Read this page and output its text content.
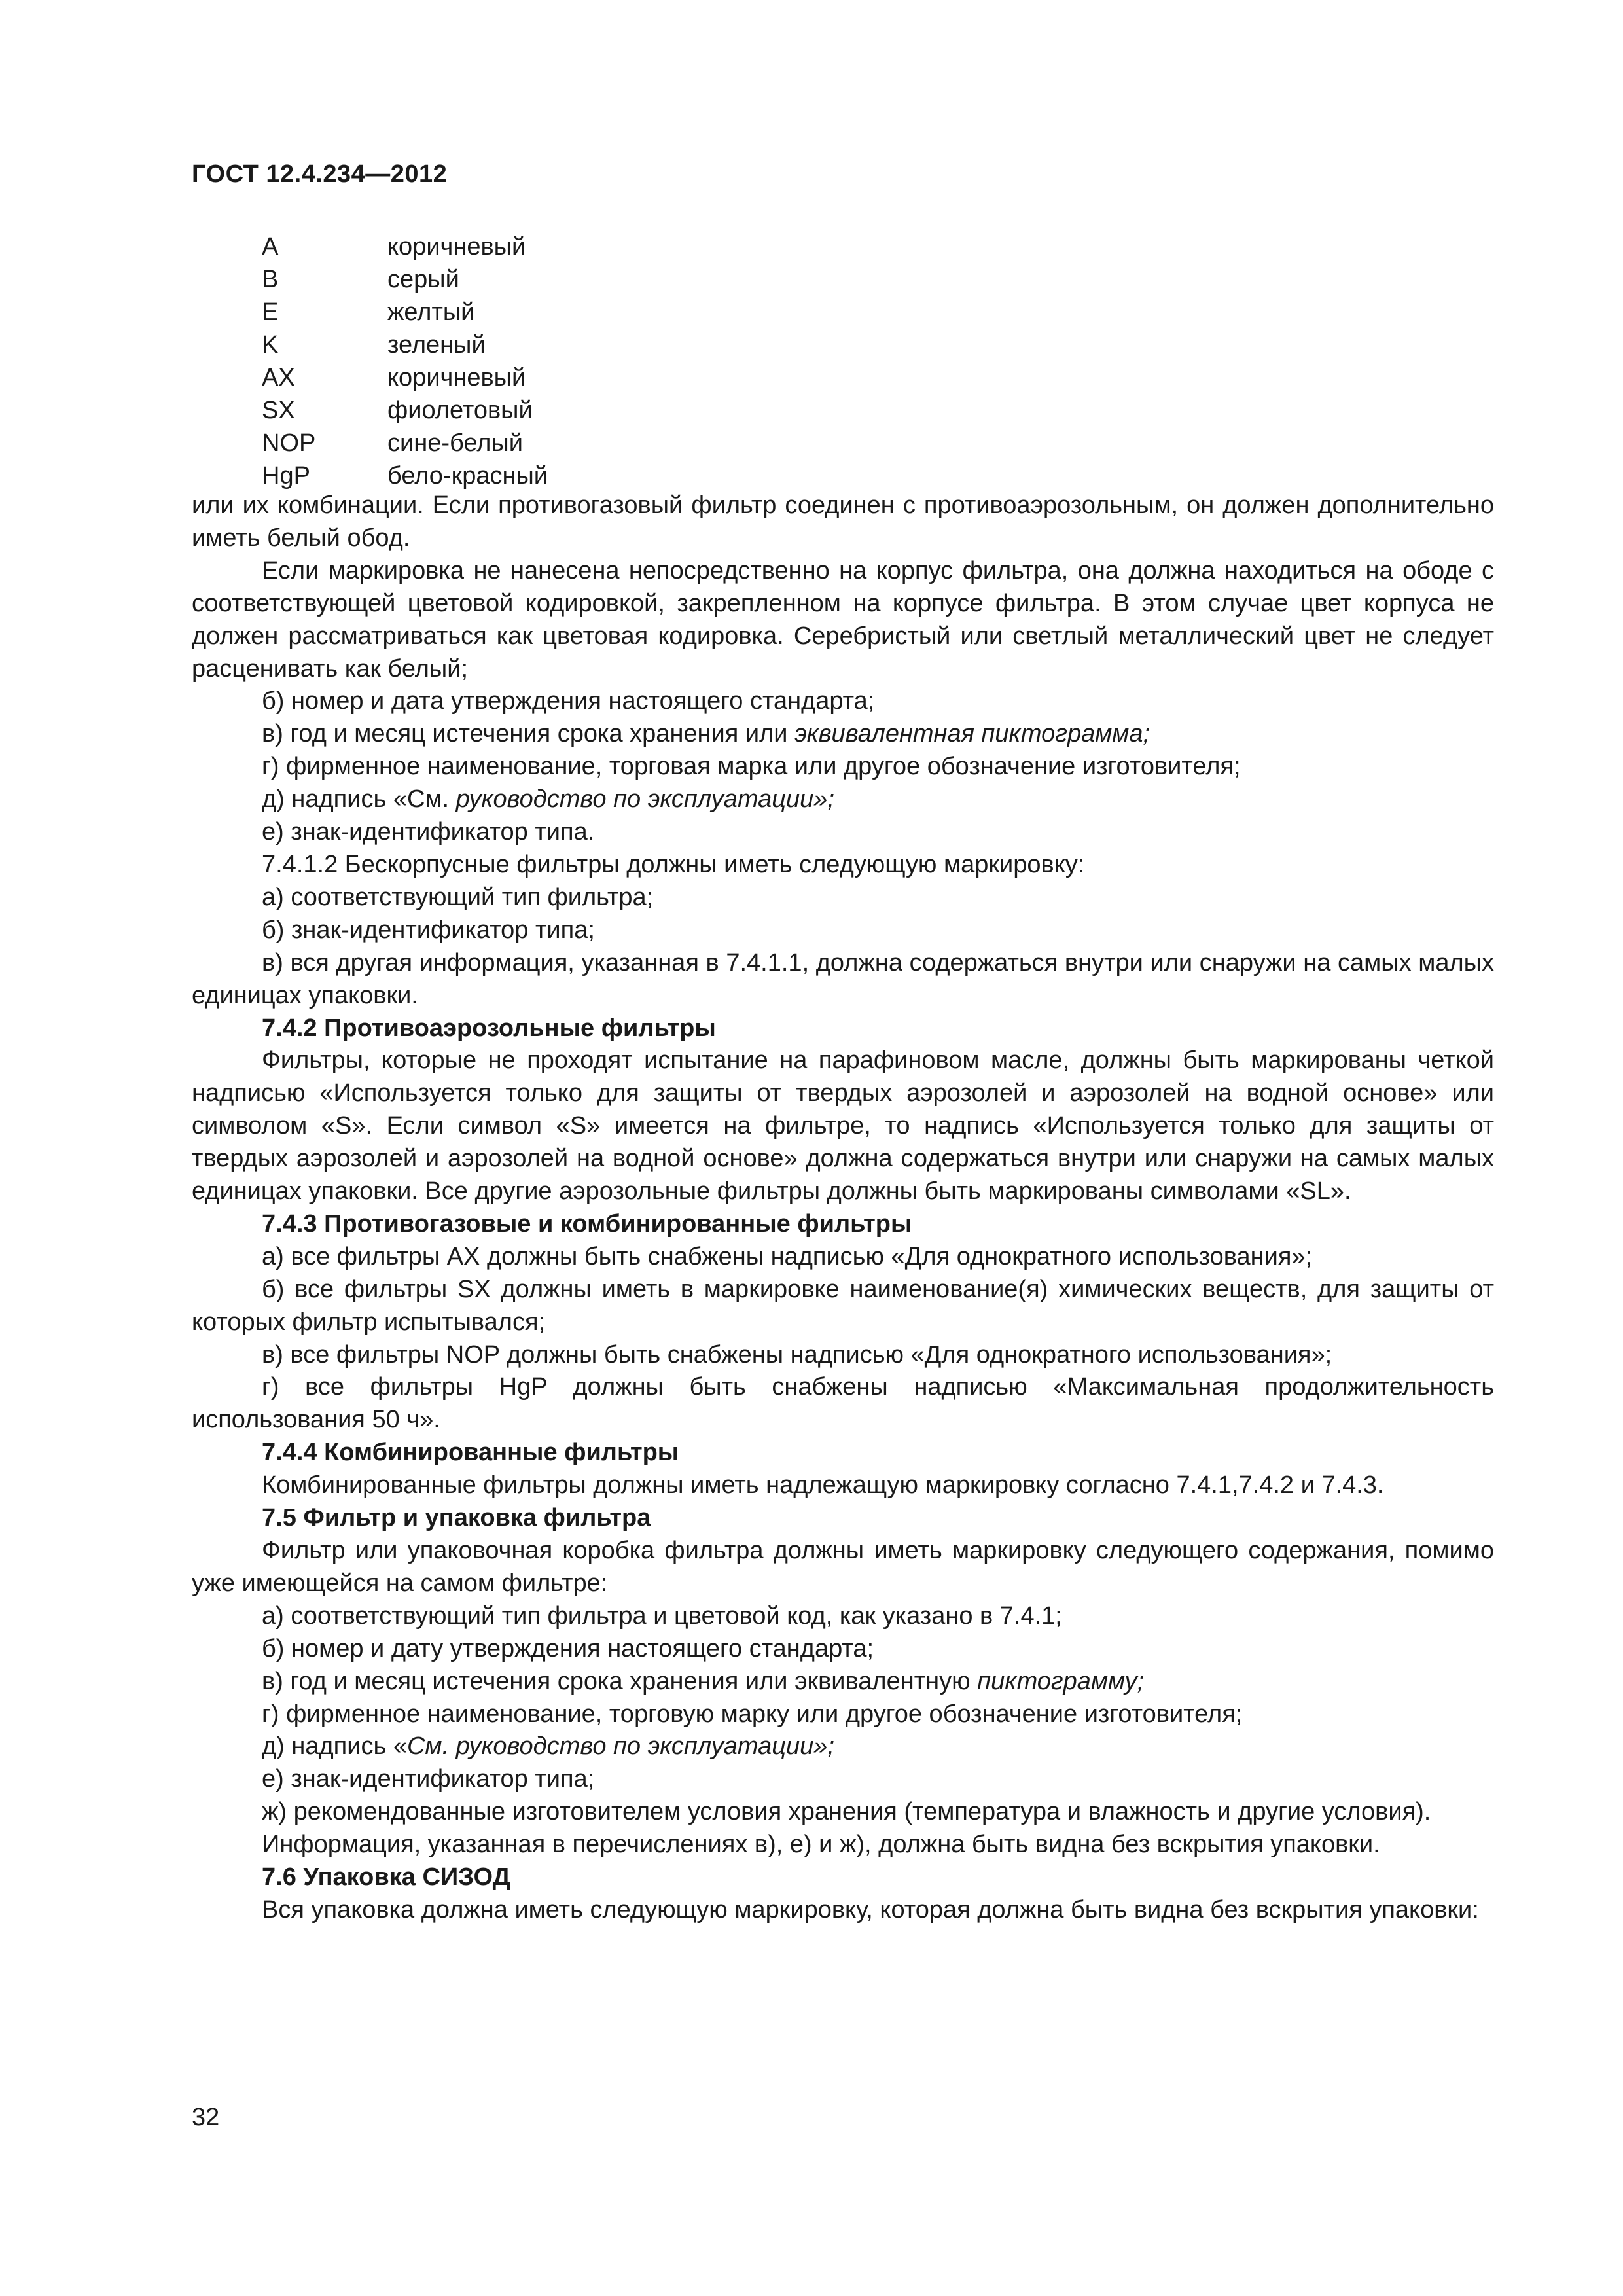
ГОСТ 12.4.234—2012
A	коричневый
B	серый
E	желтый
K	зеленый
AX	коричневый
SX	фиолетовый
NOP	сине-белый
HgP	бело-красный

или их комбинации. Если противогазовый фильтр соединен с противоаэрозольным, он должен дополнительно иметь белый обод.

Если маркировка не нанесена непосредственно на корпус фильтра, она должна находиться на ободе с соответствующей цветовой кодировкой, закрепленном на корпусе фильтра. В этом случае цвет корпуса не должен рассматриваться как цветовая кодировка. Серебристый или светлый металлический цвет не следует расценивать как белый;

б) номер и дата утверждения настоящего стандарта;

в) год и месяц истечения срока хранения или эквивалентная пиктограмма;

г) фирменное наименование, торговая марка или другое обозначение изготовителя;

д) надпись «См. руководство по эксплуатации»;

е) знак-идентификатор типа.

7.4.1.2 Бескорпусные фильтры должны иметь следующую маркировку:

а) соответствующий тип фильтра;

б) знак-идентификатор типа;

в) вся другая информация, указанная в 7.4.1.1, должна содержаться внутри или снаружи на самых малых единицах упаковки.

7.4.2 Противоаэрозольные фильтры

Фильтры, которые не проходят испытание на парафиновом масле, должны быть маркированы четкой надписью «Используется только для защиты от твердых аэрозолей и аэрозолей на водной основе» или символом «S». Если символ «S» имеется на фильтре, то надпись «Используется только для защиты от твердых аэрозолей и аэрозолей на водной основе» должна содержаться внутри или снаружи на самых малых единицах упаковки. Все другие аэрозольные фильтры должны быть маркированы символами «SL».

7.4.3 Противогазовые и комбинированные фильтры

а) все фильтры AX должны быть снабжены надписью «Для однократного использования»;

б) все фильтры SX должны иметь в маркировке наименование(я) химических веществ, для защиты от которых фильтр испытывался;

в) все фильтры NOP должны быть снабжены надписью «Для однократного использования»;

г) все фильтры HgP должны быть снабжены надписью «Максимальная продолжительность использования 50 ч».

7.4.4 Комбинированные фильтры

Комбинированные фильтры должны иметь надлежащую маркировку согласно 7.4.1,7.4.2 и 7.4.3.

7.5 Фильтр и упаковка фильтра

Фильтр или упаковочная коробка фильтра должны иметь маркировку следующего содержания, помимо уже имеющейся на самом фильтре:

а) соответствующий тип фильтра и цветовой код, как указано в 7.4.1;

б) номер и дату утверждения настоящего стандарта;

в) год и месяц истечения срока хранения или эквивалентную пиктограмму;

г) фирменное наименование, торговую марку или другое обозначение изготовителя;

д) надпись «См. руководство по эксплуатации»;

е) знак-идентификатор типа;

ж) рекомендованные изготовителем условия хранения (температура и влажность и другие условия).

Информация, указанная в перечислениях в), е) и ж), должна быть видна без вскрытия упаковки.

7.6 Упаковка СИЗОД

Вся упаковка должна иметь следующую маркировку, которая должна быть видна без вскрытия упаковки:

32
